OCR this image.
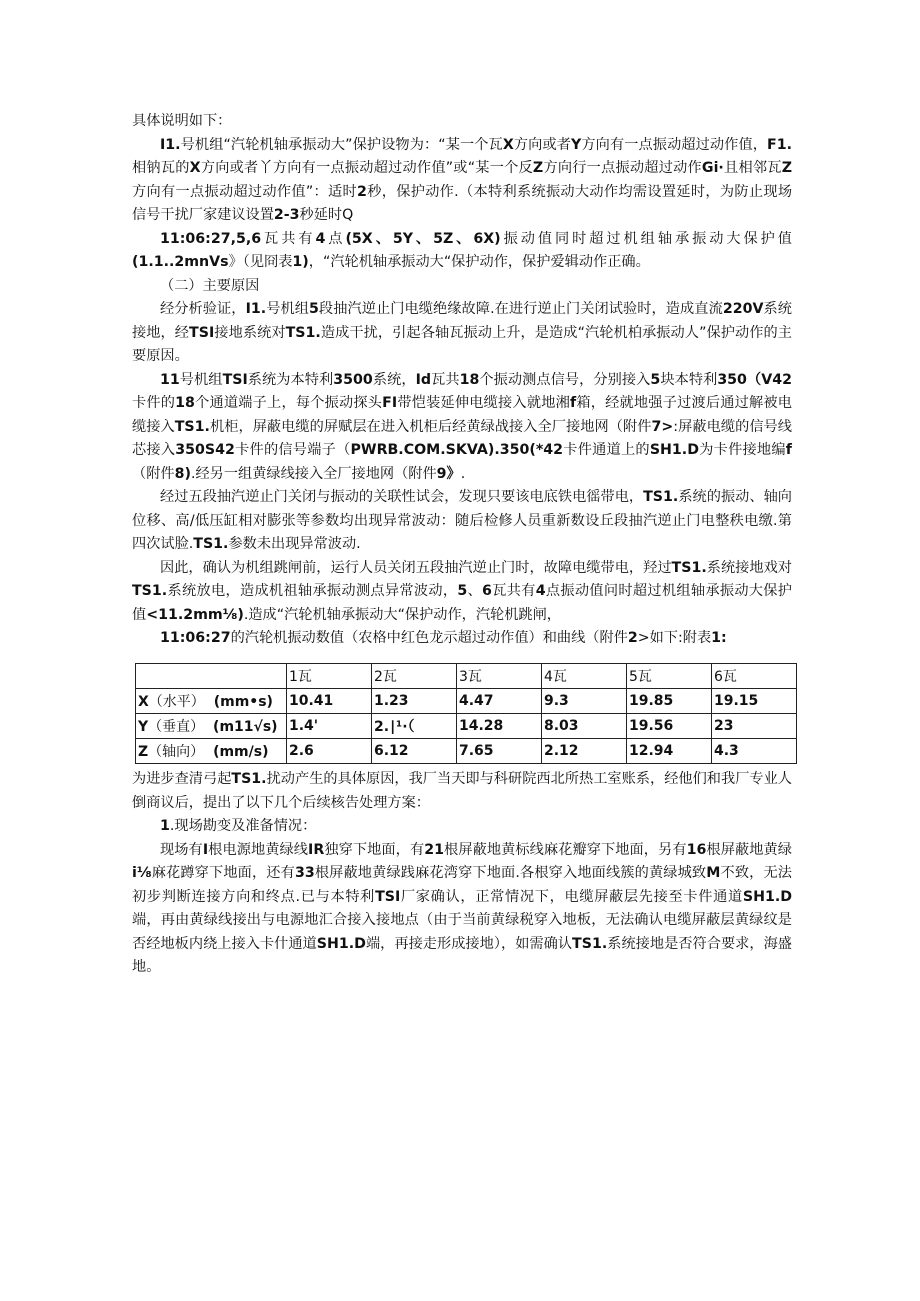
具体说明如下：

I1.号机组“汽轮机轴承振动大”保护设物为：“某一个瓦X方向或者Y方向有一点振动超过动作值，F1.相钠瓦的X方向或者丫方向有一点振动超过动作值”或“某一个反Z方向行一点振动超过动作Gi·且相邻瓦Z方向有一点振动超过动作值”：适时2秒，保护动作.（本特利系统振动大动作均需设置延时，为防止现场信号干扰厂家建议设置2-3秒延时Q

11:06:27,5,6瓦共有4点(5X、5Y、5Z、6X)振动值同时超过机组轴承振动大保护值(1.1..2mnVs》（见冏表1)，“汽轮机轴承振动大“保护动作，保护爱辑动作正确。

（二）主要原因

经分析验证，I1.号机组5段抽汽逆止门电缆绝缘故障.在进行逆止门关闭试验时，造成直流220V系统接地，经TSI接地系统对TS1.造成干扰，引起各轴瓦振动上升，是造成“汽轮机柏承振动人”保护动作的主要原因。

11号机组TSI系统为本特利3500系统，Id瓦共18个振动测点信号，分别接入5块本特利350（V42卡件的18个通道端子上，每个振动探头FI带恺装延伸电缆接入就地湘f箱，经就地强子过渡后通过解被电缆接入TS1.机柜，屏蔽电缆的屏赋层在进入机柜后经黄绿战接入全厂接地网（附件7>:屏蔽电缆的信号线芯接入350S42卡件的信号端子（PWRB.COM.SKVA).350(*42卡件通道上的SH1.D为卡件接地编f（附件8).经另一组黄绿线接入全厂接地网（附件9》.

经过五段抽汽逆止门关闭与振动的关联性试会，发现只要该电底铁电徭带电，TS1.系统的振动、轴向位移、高/低压缸相对膨张等参数均出现异常波动：随后检修人员重新数设丘段抽汽逆止门电整秩电缴.第四次试脸.TS1.参数未出现异常波动.

因此，确认为机组跳闸前，运行人员关闭五段抽汽逆止门时，故障电缆带电，羟过TS1.系统接地戏对TS1.系统放电，造成机祖轴承振动测点异常波动，5、6瓦共有4点振动值问时超过机组轴承振动大保护值<11.2mm⅛).造成“汽轮机轴承振动大“保护动作，汽轮机跳闸，

11:06:27的汽轮机振动数值（农格中红色龙示超过动作值）和曲线（附件2>如下:附表1:

	1瓦	2瓦	3瓦	4瓦	5瓦	6瓦
X（水平） (mm•s)	10.41	1.23	4.47	9.3	19.85	19.15
Y（垂直） (m11√s)	1.4'	2.∣¹·（	14.28	8.03	19.56	23
Z（轴向） (mm/s)	2.6	6.12	7.65	2.12	12.94	4.3

为进步查清弓起TS1.扰动产生的具体原因，我厂当天即与科研院西北所热工室账系，经他们和我厂专业人倒商议后，提出了以下几个后续核告处理方案：

1.现场勘变及准备情况：

现场有I根电源地黄绿线IR独穿下地面，有21根屏蔽地黄标线麻花瓣穿下地面，另有16根屏蔽地黄绿i⅛麻花蹲穿下地面，还有33根屏蔽地黄绿践麻花湾穿下地面.各根穿入地面线簇的黄绿城致M不致，无法初步判断连接方向和终点.已与本特利TSI厂家确认，正常情况下，电缆屏蔽层先接至卡件通道SH1.D端，再由黄绿线接出与电源地汇合接入接地点（由于当前黄绿税穿入地板，无法确认电缆屏蔽层黄绿纹是否经地板内绕上接入卡什通道SH1.D端，再接走形成接地），如需确认TS1.系统接地是否符合要求，海盛地。
